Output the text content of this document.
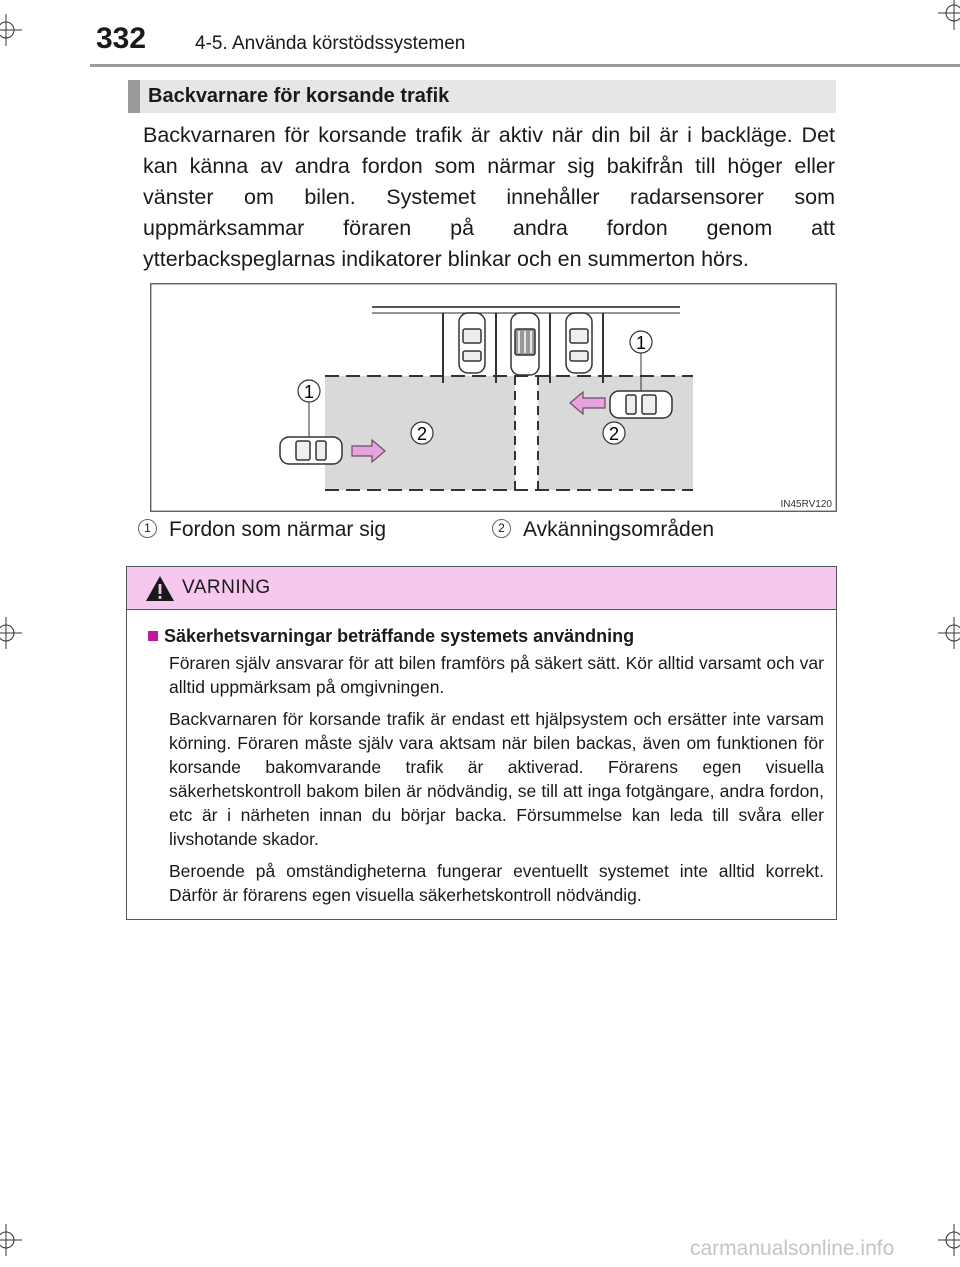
332	4-5. Använda körstödssystemen
Backvarnare för korsande trafik

Backvarnaren för korsande trafik är aktiv när din bil är i backläge. Det kan känna av andra fordon som närmar sig bakifrån till höger eller vänster om bilen. Systemet innehåller radarsensorer som uppmärksammar föraren på andra fordon genom att ytterbackspeglarnas indikatorer blinkar och en summerton hörs.

1
1
2	2
IN45RV120
1 Fordon som närmar sig	2 Avkänningsområden
VARNING
Säkerhetsvarningar beträffande systemets användning

Föraren själv ansvarar för att bilen framförs på säkert sätt. Kör alltid varsamt och var alltid uppmärksam på omgivningen.

Backvarnaren för korsande trafik är endast ett hjälpsystem och ersätter inte varsam körning. Föraren måste själv vara aktsam när bilen backas, även om funktionen för korsande bakomvarande trafik är aktiverad. Förarens egen visuella säkerhetskontroll bakom bilen är nödvändig, se till att inga fotgängare, andra fordon, etc är i närheten innan du börjar backa. Försummelse kan leda till svåra eller livshotande skador.

Beroende på omständigheterna fungerar eventuellt systemet inte alltid korrekt. Därför är förarens egen visuella säkerhetskontroll nödvändig.

carmanualsonline.info
